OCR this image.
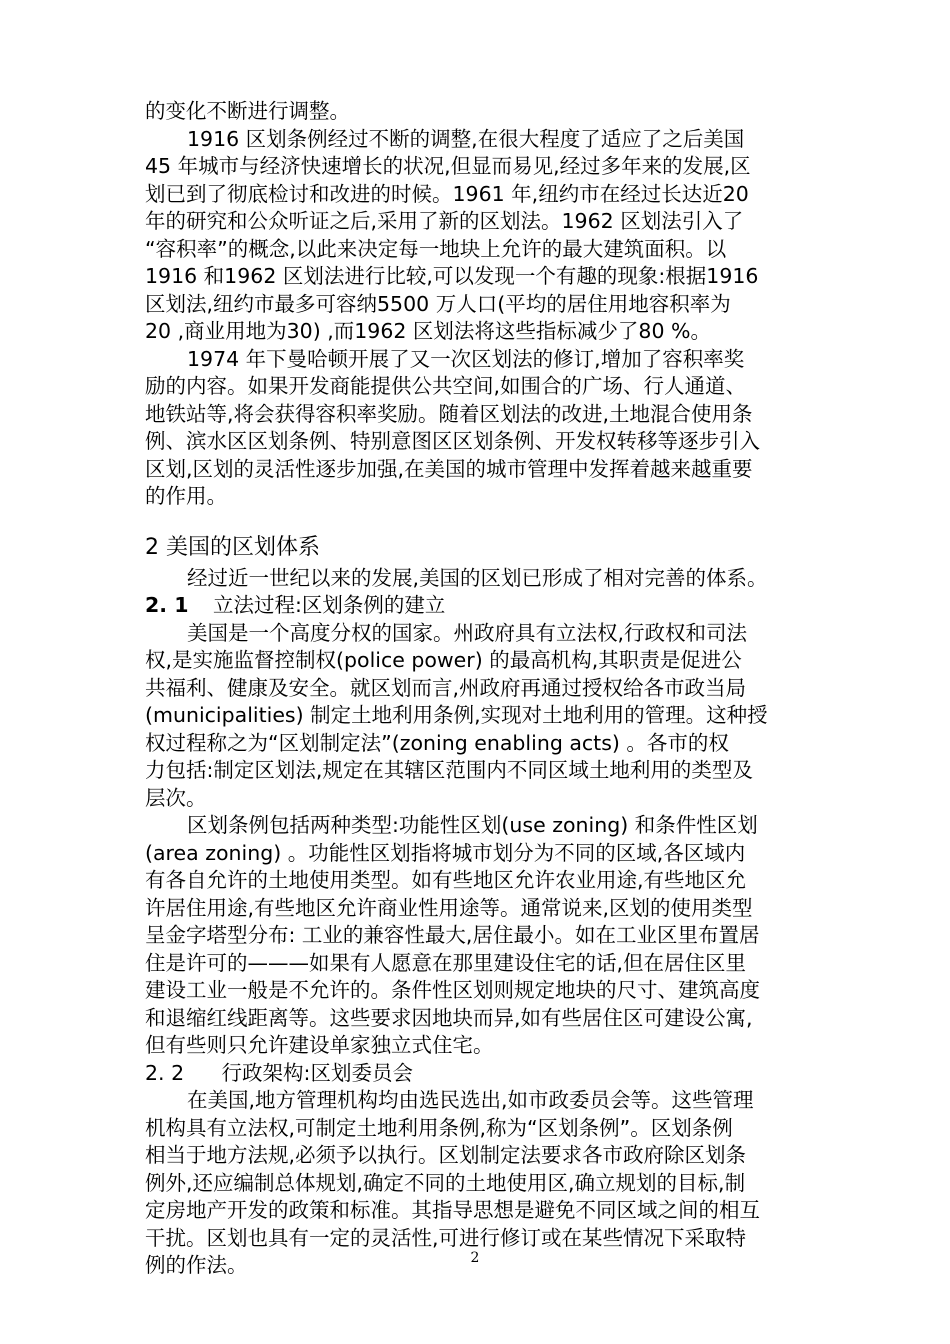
的变化不断进行调整。
1916 区划条例经过不断的调整,在很大程度了适应了之后美国
45 年城市与经济快速增长的状况,但显而易见,经过多年来的发展,区
划已到了彻底检讨和改进的时候。1961 年,纽约市在经过长达近20
年的研究和公众听证之后,采用了新的区划法。1962 区划法引入了
“容积率”的概念,以此来决定每一地块上允许的最大建筑面积。以
1916 和1962 区划法进行比较,可以发现一个有趣的现象:根据1916
区划法,纽约市最多可容纳5500 万人口(平均的居住用地容积率为
20 ,商业用地为30) ,而1962 区划法将这些指标减少了80 %。
1974 年下曼哈顿开展了又一次区划法的修订,增加了容积率奖
励的内容。如果开发商能提供公共空间,如围合的广场、行人通道、
地铁站等,将会获得容积率奖励。随着区划法的改进,土地混合使用条
例、滨水区区划条例、特别意图区区划条例、开发权转移等逐步引入
区划,区划的灵活性逐步加强,在美国的城市管理中发挥着越来越重要
的作用。
2 美国的区划体系
经过近一世纪以来的发展,美国的区划已形成了相对完善的体系。
2. 1 立法过程:区划条例的建立
美国是一个高度分权的国家。州政府具有立法权,行政权和司法
权,是实施监督控制权(police power) 的最高机构,其职责是促进公
共福利、健康及安全。就区划而言,州政府再通过授权给各市政当局
(municipalities) 制定土地利用条例,实现对土地利用的管理。这种授
权过程称之为“区划制定法”(zoning enabling acts) 。各市的权
力包括:制定区划法,规定在其辖区范围内不同区域土地利用的类型及
层次。
区划条例包括两种类型:功能性区划(use zoning) 和条件性区划
(area zoning) 。功能性区划指将城市划分为不同的区域,各区域内
有各自允许的土地使用类型。如有些地区允许农业用途,有些地区允
许居住用途,有些地区允许商业性用途等。通常说来,区划的使用类型
呈金字塔型分布: 工业的兼容性最大,居住最小。如在工业区里布置居
住是许可的———如果有人愿意在那里建设住宅的话,但在居住区里
建设工业一般是不允许的。条件性区划则规定地块的尺寸、建筑高度
和退缩红线距离等。这些要求因地块而异,如有些居住区可建设公寓,
但有些则只允许建设单家独立式住宅。
2. 2 行政架构:区划委员会
在美国,地方管理机构均由选民选出,如市政委员会等。这些管理
机构具有立法权,可制定土地利用条例,称为“区划条例”。区划条例
相当于地方法规,必须予以执行。区划制定法要求各市政府除区划条
例外,还应编制总体规划,确定不同的土地使用区,确立规划的目标,制
定房地产开发的政策和标准。其指导思想是避免不同区域之间的相互
干扰。区划也具有一定的灵活性,可进行修订或在某些情况下采取特
例的作法。	2
